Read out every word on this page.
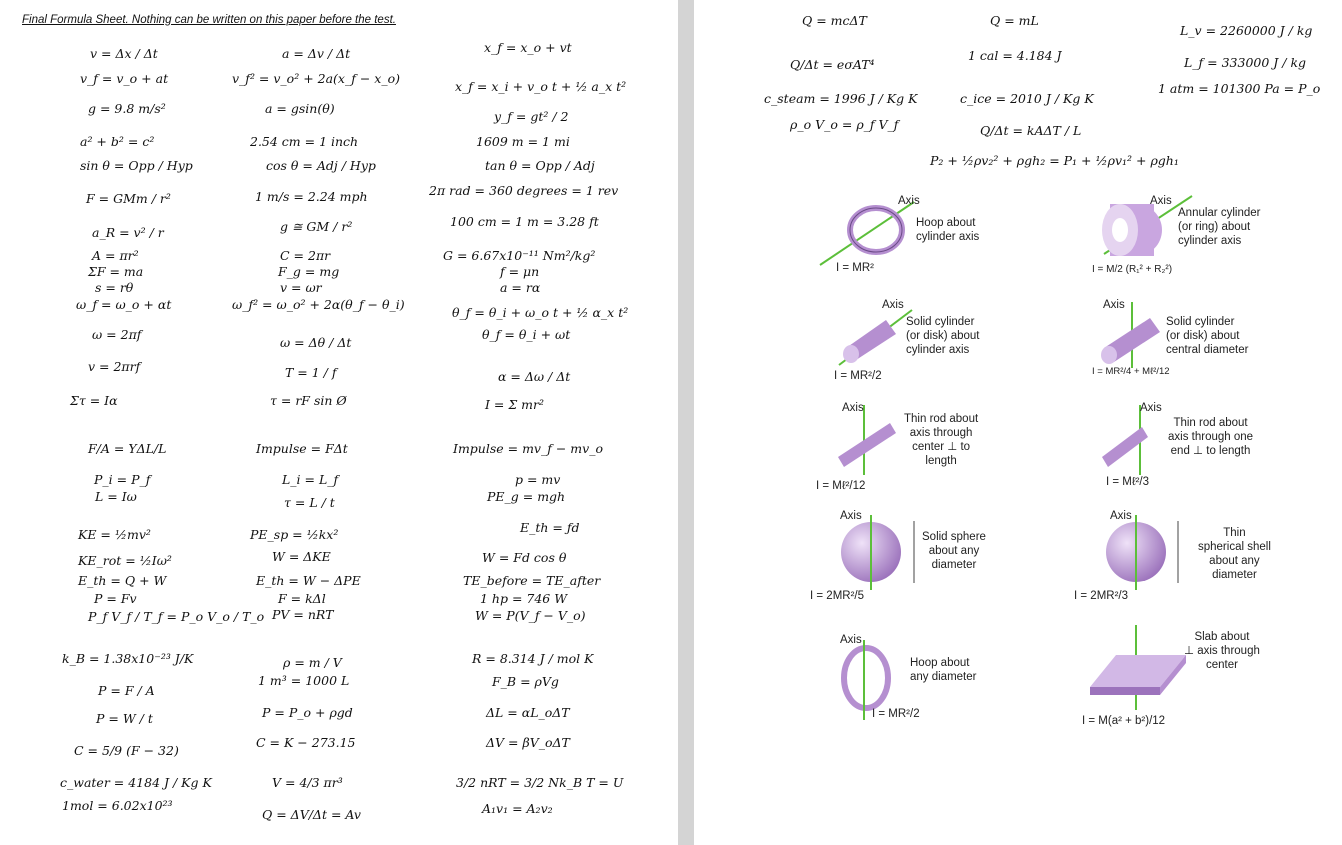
Final Formula Sheet. Nothing can be written on this paper before the test.
v = Δx / Δt
v_f = v_o + at
g = 9.8 m/s²
a² + b² = c²
sin θ = Opp / Hyp
F = GMm / r²
a_R = v² / r
A = πr²
ΣF = ma
s = rθ
ω_f = ω_o + αt
ω = 2πf
v = 2πrf
Στ = Iα
a = Δv / Δt
v_f² = v_o² + 2a(x_f − x_o)
a = gsin(θ)
2.54 cm = 1 inch
cos θ = Adj / Hyp
1 m/s = 2.24 mph
g ≅ GM / r²
C = 2πr
F_g = mg
v = ωr
ω_f² = ω_o² + 2α(θ_f − θ_i)
ω = Δθ / Δt
T = 1 / f
τ = rF sin Ø
x_f = x_o + vt
x_f = x_i + v_o t + ½ a_x t²
y_f = gt² / 2
1609 m = 1 mi
tan θ = Opp / Adj
2π rad = 360 degrees = 1 rev
100 cm = 1 m = 3.28 ft
G = 6.67x10⁻¹¹ Nm²/kg²
f = μn
a = rα
θ_f = θ_i + ω_o t + ½ α_x t²
θ_f = θ_i + ωt
α = Δω / Δt
I = Σ mr²
F/A = YΔL/L
P_i = P_f
L = Iω
KE = ½mv²
KE_rot = ½Iω²
E_th = Q + W
P = Fv
P_f V_f / T_f = P_o V_o / T_o
k_B = 1.38x10⁻²³ J/K
P = F / A
P = W / t
C = 5/9 (F − 32)
c_water = 4184 J / Kg K
1mol = 6.02x10²³
Impulse = FΔt
L_i = L_f
τ = L / t
PE_sp = ½kx²
W = ΔKE
E_th = W − ΔPE
F = kΔl
PV = nRT
ρ = m / V
1 m³ = 1000 L
P = P_o + ρgd
C = K − 273.15
V = 4/3 πr³
Q = ΔV/Δt = Av
Impulse = mv_f − mv_o
p = mv
PE_g = mgh
E_th = ƒd
W = Fd cos θ
TE_before = TE_after
1 hp = 746 W
W = P(V_f − V_o)
R = 8.314 J / mol K
F_B = ρVg
ΔL = αL_oΔT
ΔV = βV_oΔT
3/2 nRT = 3/2 Nk_B T = U
A₁v₁ = A₂v₂
Q = mcΔT	Q = mL
L_v = 2260000 J / kg
1 cal = 4.184 J
Q/Δt = eσAT⁴	L_f = 333000 J / kg
1 atm = 101300 Pa = P_o
c_steam = 1996 J / Kg K	c_ice = 2010 J / Kg K
ρ_o V_o = ρ_f V_f	Q/Δt = kAΔT / L
P₂ + ½ρv₂² + ρgh₂ = P₁ + ½ρv₁² + ρgh₁
Axis
Hoop about
cylinder axis
I = MR²
Axis
Annular cylinder
(or ring) about
cylinder axis
I = M/2 (R₁² + R₂²)
Axis
Solid cylinder
(or disk) about
cylinder axis
I = MR²/2
Axis
Solid cylinder
(or disk) about
central diameter
I = MR²/4 + Mℓ²/12
Axis
Thin rod about
axis through
center ⊥ to
length
I = Mℓ²/12
Axis
Thin rod about
axis through one
end ⊥ to length
I = Mℓ²/3
Axis
Solid sphere
about any
diameter
I = 2MR²/5
Axis
Thin
spherical shell
about any
diameter
I = 2MR²/3
Axis
Hoop about
any diameter
I = MR²/2
Slab about
⊥ axis through
center
I = M(a² + b²)/12
